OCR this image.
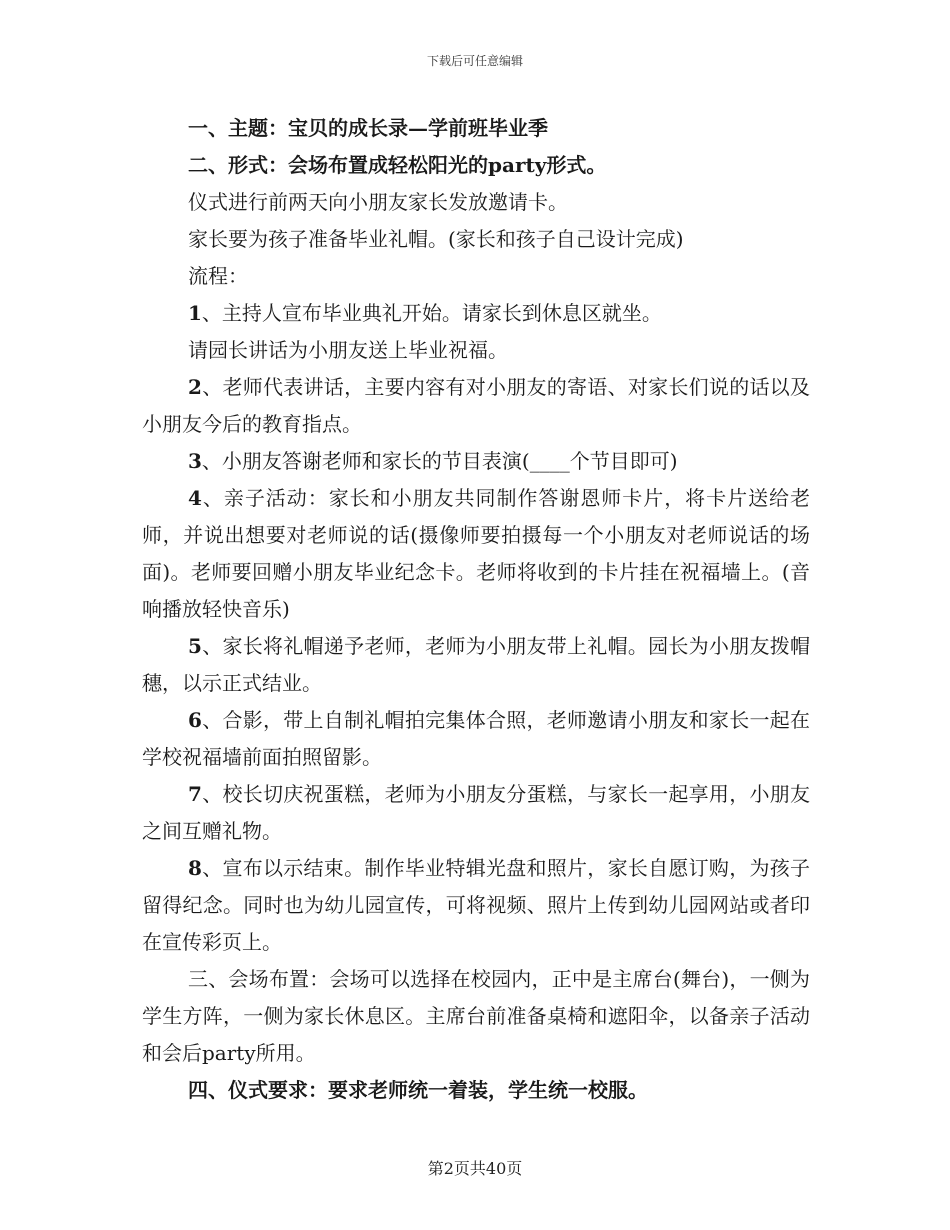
下载后可任意编辑

一、主题：宝贝的成长录—学前班毕业季

二、形式：会场布置成轻松阳光的party形式。

仪式进行前两天向小朋友家长发放邀请卡。

家长要为孩子准备毕业礼帽。(家长和孩子自己设计完成)

流程：

1、主持人宣布毕业典礼开始。请家长到休息区就坐。

请园长讲话为小朋友送上毕业祝福。

2、老师代表讲话，主要内容有对小朋友的寄语、对家长们说的话以及小朋友今后的教育指点。

3、小朋友答谢老师和家长的节目表演(____个节目即可)

4、亲子活动：家长和小朋友共同制作答谢恩师卡片，将卡片送给老师，并说出想要对老师说的话(摄像师要拍摄每一个小朋友对老师说话的场面)。老师要回赠小朋友毕业纪念卡。老师将收到的卡片挂在祝福墙上。(音响播放轻快音乐)

5、家长将礼帽递予老师，老师为小朋友带上礼帽。园长为小朋友拨帽穗，以示正式结业。

6、合影，带上自制礼帽拍完集体合照，老师邀请小朋友和家长一起在学校祝福墙前面拍照留影。

7、校长切庆祝蛋糕，老师为小朋友分蛋糕，与家长一起享用，小朋友之间互赠礼物。

8、宣布以示结束。制作毕业特辑光盘和照片，家长自愿订购，为孩子留得纪念。同时也为幼儿园宣传，可将视频、照片上传到幼儿园网站或者印在宣传彩页上。

三、会场布置：会场可以选择在校园内，正中是主席台(舞台)，一侧为学生方阵，一侧为家长休息区。主席台前准备桌椅和遮阳伞，以备亲子活动和会后party所用。

四、仪式要求：要求老师统一着装，学生统一校服。

第2页共40页
